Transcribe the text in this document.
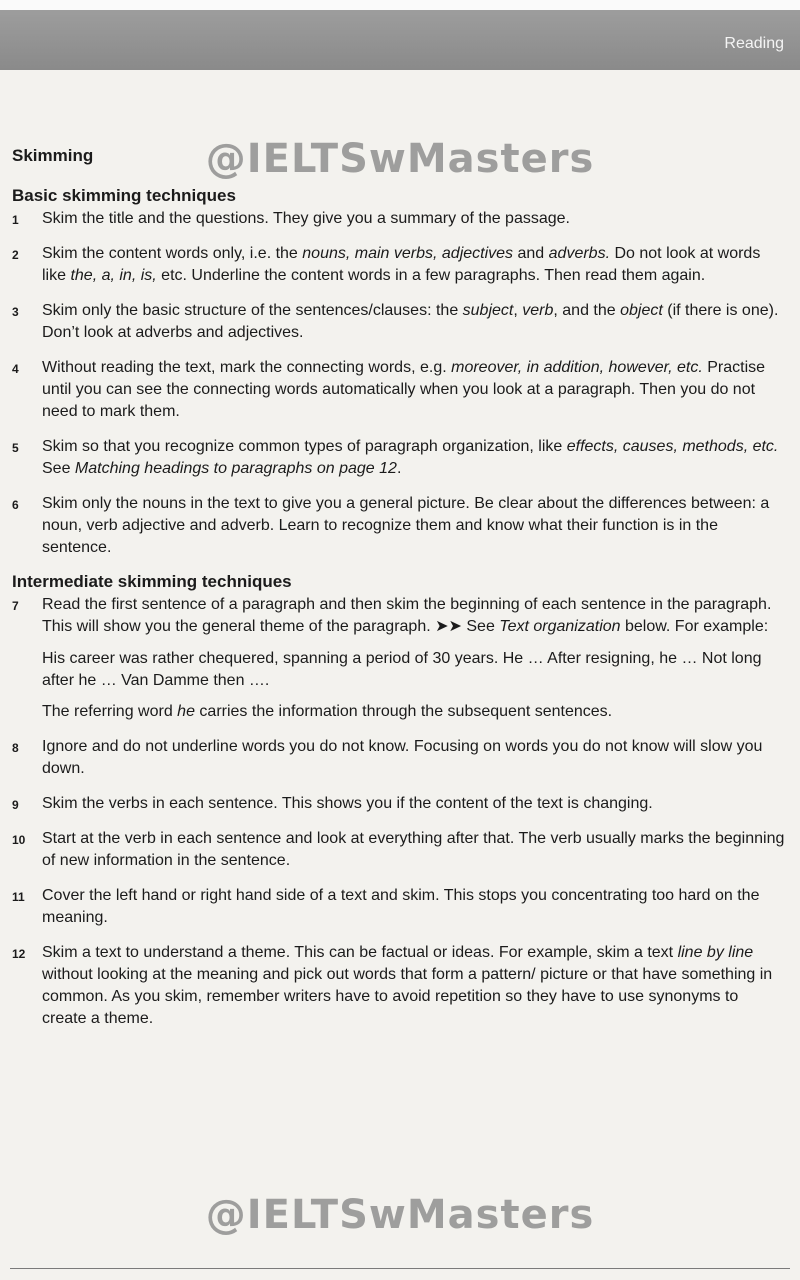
Reading
@IELTSwMasters
Skimming
Basic skimming techniques
1 Skim the title and the questions. They give you a summary of the passage.

2 Skim the content words only, i.e. the nouns, main verbs, adjectives and adverbs. Do not look at words like the, a, in, is, etc. Underline the content words in a few paragraphs. Then read them again.

3 Skim only the basic structure of the sentences/clauses: the subject, verb, and the object (if there is one). Don’t look at adverbs and adjectives.

4 Without reading the text, mark the connecting words, e.g. moreover, in addition, however, etc. Practise until you can see the connecting words automatically when you look at a paragraph. Then you do not need to mark them.

5 Skim so that you recognize common types of paragraph organization, like effects, causes, methods, etc. See Matching headings to paragraphs on page 12.

6 Skim only the nouns in the text to give you a general picture. Be clear about the differences between: a noun, verb adjective and adverb. Learn to recognize them and know what their function is in the sentence.

Intermediate skimming techniques
7 Read the first sentence of a paragraph and then skim the beginning of each sentence in the paragraph. This will show you the general theme of the paragraph. ➤➤ See Text organization below. For example:

His career was rather chequered, spanning a period of 30 years. He … After resigning, he … Not long after he … Van Damme then ….

The referring word he carries the information through the subsequent sentences.

8 Ignore and do not underline words you do not know. Focusing on words you do not know will slow you down.

9 Skim the verbs in each sentence. This shows you if the content of the text is changing.

10 Start at the verb in each sentence and look at everything after that. The verb usually marks the beginning of new information in the sentence.

11 Cover the left hand or right hand side of a text and skim. This stops you concentrating too hard on the meaning.

12 Skim a text to understand a theme. This can be factual or ideas. For example, skim a text line by line without looking at the meaning and pick out words that form a pattern/ picture or that have something in common. As you skim, remember writers have to avoid repetition so they have to use synonyms to create a theme.

@IELTSwMasters
